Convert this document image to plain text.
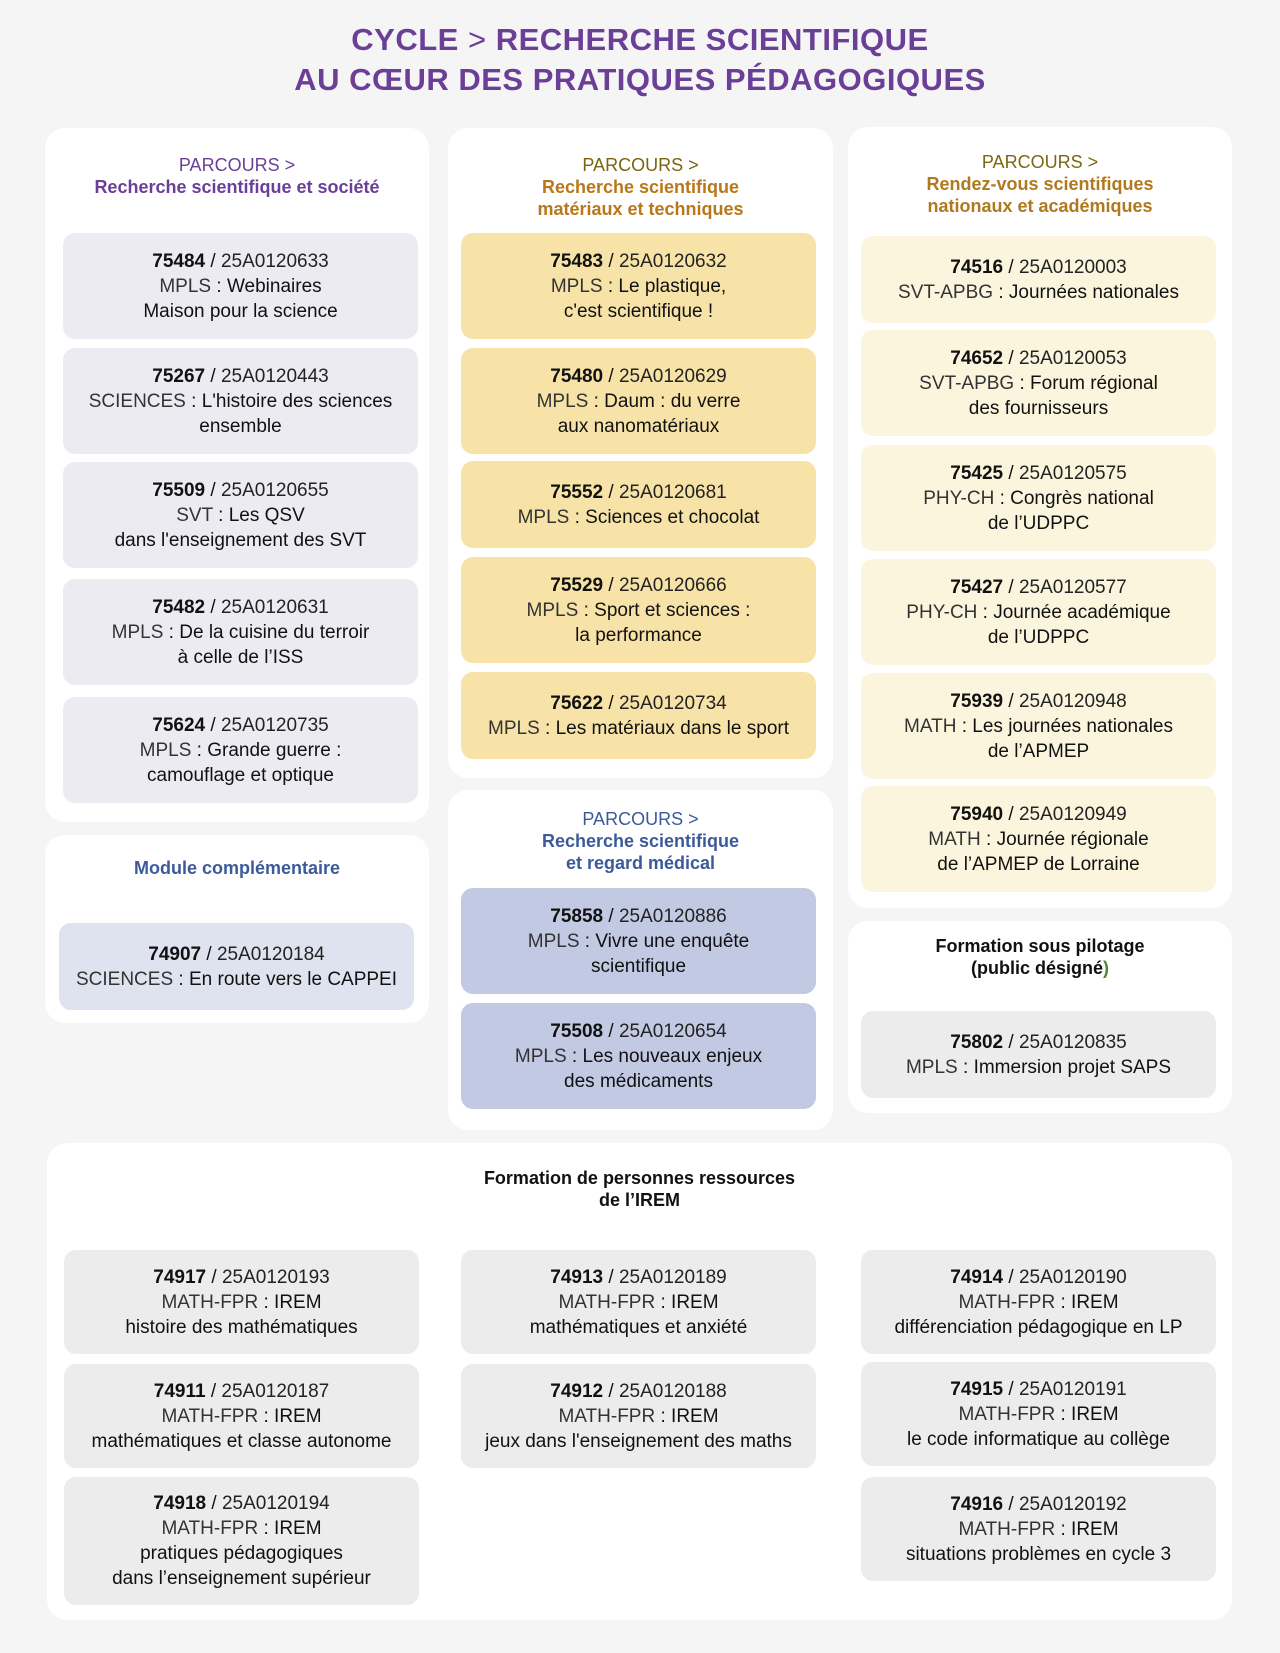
CYCLE > RECHERCHE SCIENTIFIQUE
AU CŒUR DES PRATIQUES PÉDAGOGIQUES
PARCOURS >
Recherche scientifique et société
Module complémentaire
PARCOURS >
Recherche scientifique
matériaux et techniques
PARCOURS >
Recherche scientifique
et regard médical
PARCOURS >
Rendez-vous scientifiques
nationaux et académiques
Formation sous pilotage
(public désigné)
Formation de personnes ressources
de l’IREM
75484 / 25A0120633
MPLS : Webinaires
Maison pour la science
75267 / 25A0120443
SCIENCES : L'histoire des sciences
ensemble
75509 / 25A0120655
SVT : Les QSV
dans l'enseignement des SVT
75482 / 25A0120631
MPLS : De la cuisine du terroir
à celle de l’ISS
75624 / 25A0120735
MPLS : Grande guerre :
camouflage et optique
74907 / 25A0120184
SCIENCES : En route vers le CAPPEI
75483 / 25A0120632
MPLS : Le plastique,
c'est scientifique !
75480 / 25A0120629
MPLS : Daum : du verre
aux nanomatériaux
75552 / 25A0120681
MPLS : Sciences et chocolat
75529 / 25A0120666
MPLS : Sport et sciences :
la performance
75622 / 25A0120734
MPLS : Les matériaux dans le sport
75858 / 25A0120886
MPLS : Vivre une enquête
scientifique
75508 / 25A0120654
MPLS : Les nouveaux enjeux
des médicaments
74516 / 25A0120003
SVT-APBG : Journées nationales
74652 / 25A0120053
SVT-APBG : Forum régional
des fournisseurs
75425 / 25A0120575
PHY-CH : Congrès national
de l’UDPPC
75427 / 25A0120577
PHY-CH : Journée académique
de l’UDPPC
75939 / 25A0120948
MATH : Les journées nationales
de l’APMEP
75940 / 25A0120949
MATH : Journée régionale
de l’APMEP de Lorraine
75802 / 25A0120835
MPLS : Immersion projet SAPS
74917 / 25A0120193
MATH-FPR : IREM
histoire des mathématiques
74911 / 25A0120187
MATH-FPR : IREM
mathématiques et classe autonome
74918 / 25A0120194
MATH-FPR : IREM
pratiques pédagogiques
dans l’enseignement supérieur
74913 / 25A0120189
MATH-FPR : IREM
mathématiques et anxiété
74912 / 25A0120188
MATH-FPR : IREM
jeux dans l'enseignement des maths
74914 / 25A0120190
MATH-FPR : IREM
différenciation pédagogique en LP
74915 / 25A0120191
MATH-FPR : IREM
le code informatique au collège
74916 / 25A0120192
MATH-FPR : IREM
situations problèmes en cycle 3
